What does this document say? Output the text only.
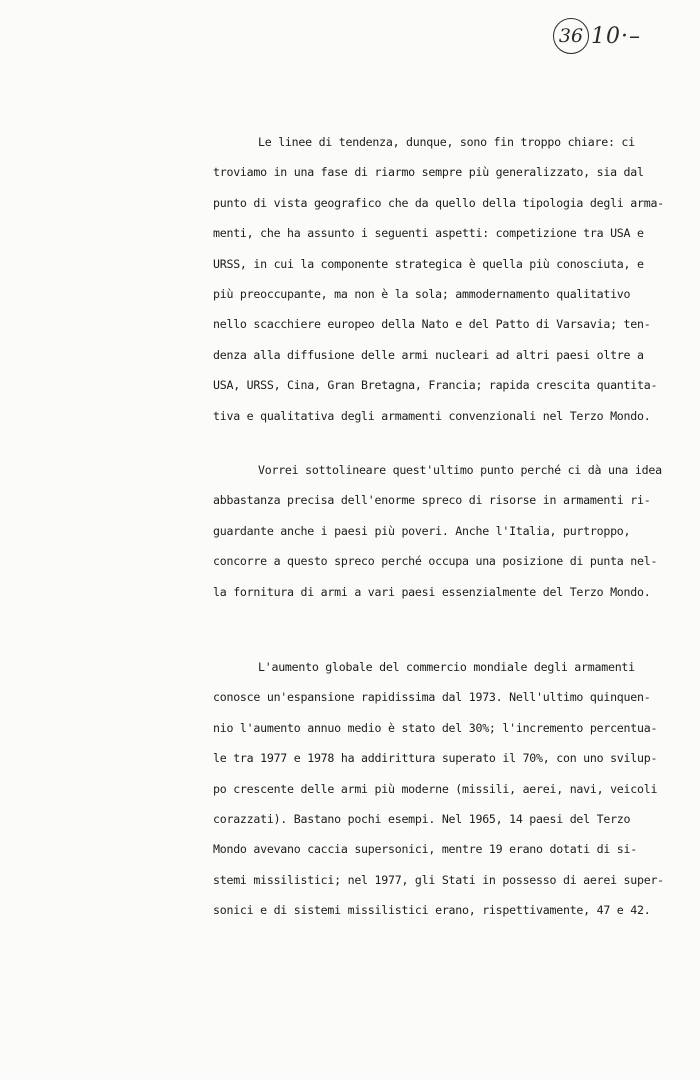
36 10·–
Le linee di tendenza, dunque, sono fin troppo chiare: ci
troviamo in una fase di riarmo sempre più generalizzato, sia dal
punto di vista geografico che da quello della tipologia degli arma-
menti, che ha assunto i seguenti aspetti: competizione tra USA e
URSS, in cui la componente strategica è quella più conosciuta, e
più preoccupante, ma non è la sola; ammodernamento qualitativo
nello scacchiere europeo della Nato e del Patto di Varsavia; ten-
denza alla diffusione delle armi nucleari ad altri paesi oltre a
USA, URSS, Cina, Gran Bretagna, Francia; rapida crescita quantita-
tiva e qualitativa degli armamenti convenzionali nel Terzo Mondo.
Vorrei sottolineare quest'ultimo punto perché ci dà una idea
abbastanza precisa dell'enorme spreco di risorse in armamenti ri-
guardante anche i paesi più poveri. Anche l'Italia, purtroppo,
concorre a questo spreco perché occupa una posizione di punta nel-
la fornitura di armi a vari paesi essenzialmente del Terzo Mondo.
L'aumento globale del commercio mondiale degli armamenti
conosce un'espansione rapidissima dal 1973. Nell'ultimo quinquen-
nio l'aumento annuo medio è stato del 30%; l'incremento percentua-
le tra 1977 e 1978 ha addirittura superato il 70%, con uno svilup-
po crescente delle armi più moderne (missili, aerei, navi, veicoli
corazzati). Bastano pochi esempi. Nel 1965, 14 paesi del Terzo
Mondo avevano caccia supersonici, mentre 19 erano dotati di si-
stemi missilistici; nel 1977, gli Stati in possesso di aerei super-
sonici e di sistemi missilistici erano, rispettivamente, 47 e 42.
